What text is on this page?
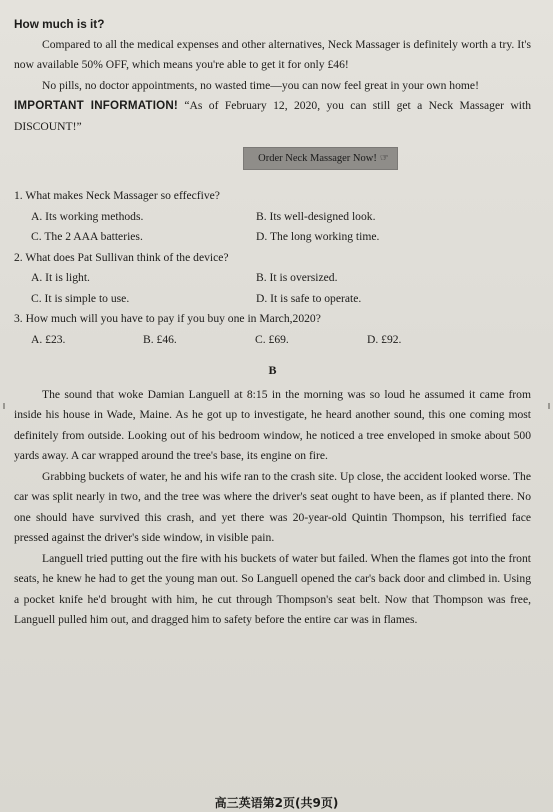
How much is it?

Compared to all the medical expenses and other alternatives, Neck Massager is definitely worth a try. It's now available 50% OFF, which means you're able to get it for only £46!

No pills, no doctor appointments, no wasted time—you can now feel great in your own home!

IMPORTANT INFORMATION! “As of February 12, 2020, you can still get a Neck Massager with DISCOUNT!”

Order Neck Massager Now! ☞

1. What makes Neck Massager so effecfive?

A. Its working methods.	B. Its well-designed look.
C. The 2 AAA batteries.	D. The long working time.

2. What does Pat Sullivan think of the device?

A. It is light.	B. It is oversized.
C. It is simple to use.	D. It is safe to operate.

3. How much will you have to pay if you buy one in March,2020?

A. £23.	B. £46.	C. £69.	D. £92.

B

The sound that woke Damian Languell at 8:15 in the morning was so loud he assumed it came from inside his house in Wade, Maine. As he got up to investigate, he heard another sound, this one coming most definitely from outside. Looking out of his bedroom window, he noticed a tree enveloped in smoke about 500 yards away. A car wrapped around the tree's base, its engine on fire.

Grabbing buckets of water, he and his wife ran to the crash site. Up close, the accident looked worse. The car was split nearly in two, and the tree was where the driver's seat ought to have been, as if planted there. No one should have survived this crash, and yet there was 20-year-old Quintin Thompson, his terrified face pressed against the driver's side window, in visible pain.

Languell tried putting out the fire with his buckets of water but failed. When the flames got into the front seats, he knew he had to get the young man out. So Languell opened the car's back door and climbed in. Using a pocket knife he'd brought with him, he cut through Thompson's seat belt. Now that Thompson was free, Languell pulled him out, and dragged him to safety before the entire car was in flames.

高三英语第2页(共9页)
